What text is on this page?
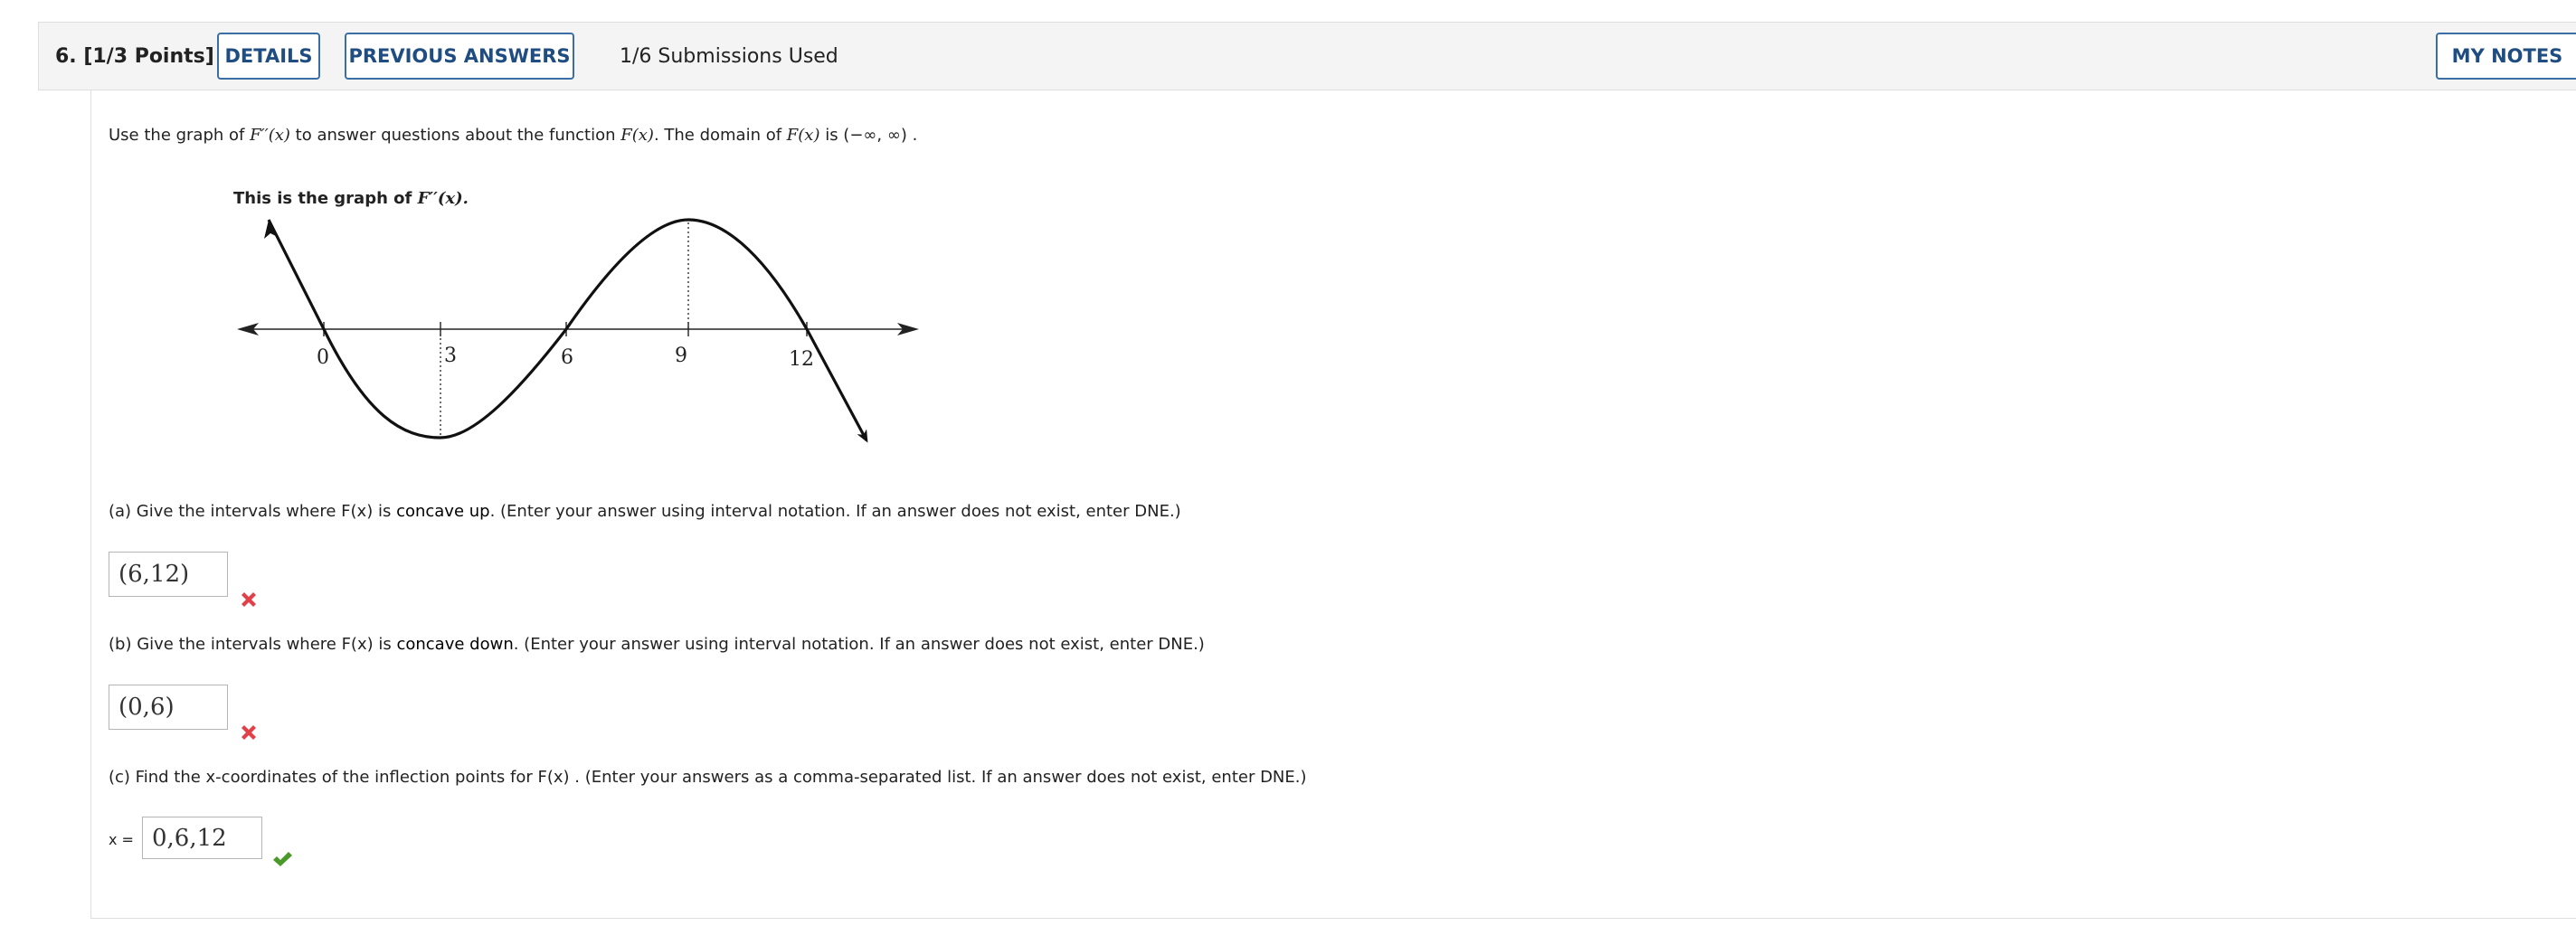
6. [1/3 Points] DETAILS	PREVIOUS ANSWERS 1/6 Submissions Used	MY NOTES
Use the graph of F′′(x) to answer questions about the function F(x). The domain of F(x) is (−∞, ∞) .
This is the graph of F′′(x).
0	3	6	9	12
(a) Give the intervals where F(x) is concave up. (Enter your answer using interval notation. If an answer does not exist, enter DNE.)
(6,12)
(b) Give the intervals where F(x) is concave down. (Enter your answer using interval notation. If an answer does not exist, enter DNE.)
(0,6)
(c) Find the x-coordinates of the inflection points for F(x) . (Enter your answers as a comma-separated list. If an answer does not exist, enter DNE.)
x = 0,6,12
